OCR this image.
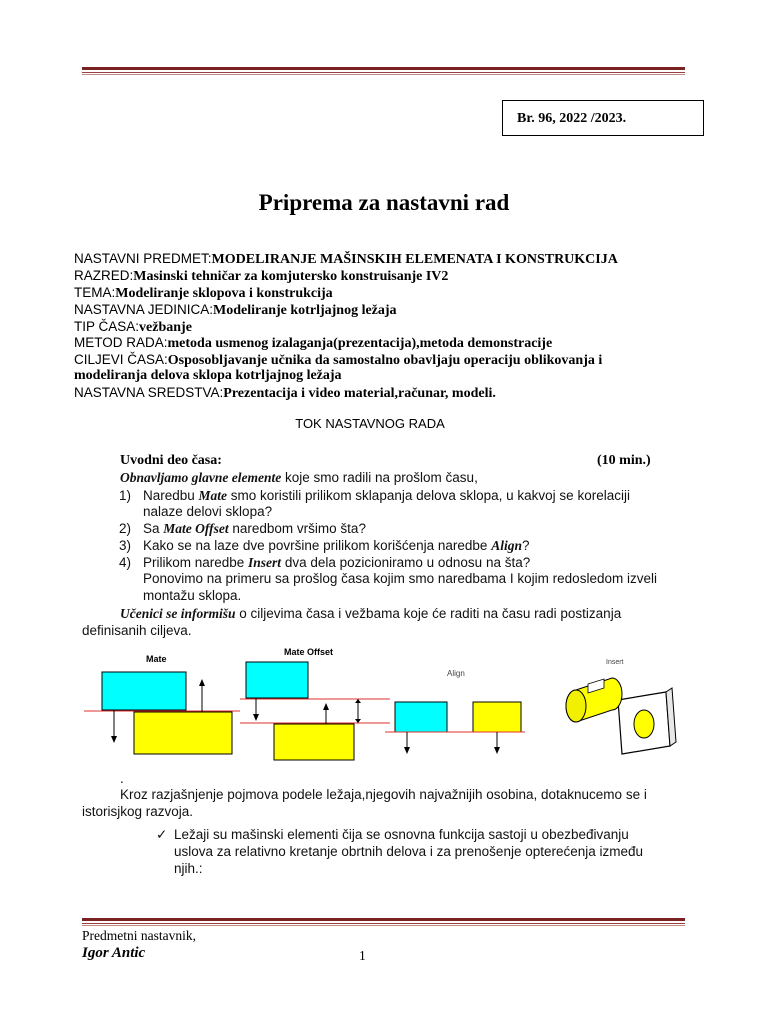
Br. 96, 2022 /2023.
Priprema za nastavni rad
NASTAVNI PREDMET:MODELIRANJE MAŠINSKIH ELEMENATA I KONSTRUKCIJA
RAZRED:Masinski tehničar za komjutersko konstruisanje IV2
TEMA:Modeliranje sklopova i konstrukcija
NASTAVNA JEDINICA:Modeliranje kotrljajnog ležaja
TIP ČASA:vežbanje
METOD RADA:metoda usmenog izalaganja(prezentacija),metoda demonstracije
CILJEVI ČASA:Osposobljavanje učnika da samostalno obavljaju operaciju oblikovanja i
modeliranja delova sklopa kotrljajnog ležaja
NASTAVNA SREDSTVA:Prezentacija i video material,računar, modeli.
TOK NASTAVNOG RADA
Uvodni deo časa:	(10 min.)
Obnavljamo glavne elemente koje smo radili na prošlom času,
1) Naredbu Mate smo koristili prilikom sklapanja delova sklopa, u kakvoj se korelaciji
nalaze delovi sklopa?
2) Sa Mate Offset naredbom vršimo šta?
3) Kako se na laze dve površine prilikom korišćenja naredbe Align?
4) Prilikom naredbe Insert dva dela pozicioniramo u odnosu na šta?
Ponovimo na primeru sa prošlog časa kojim smo naredbama I kojim redosledom izveli
montažu sklopa.
Učenici se informišu o ciljevima časa i vežbama koje će raditi na času radi postizanja
definisanih ciljeva.
Mate
Mate Offset
Align
Insert
.
Kroz razjašnjenje pojmova podele ležaja,njegovih najvažnijih osobina, dotaknucemo se i
istorisjkog razvoja.
✓ Ležaji su mašinski elementi čija se osnovna funkcija sastoji u obezbeđivanju
uslova za relativno kretanje obrtnih delova i za prenošenje opterećenja između
njih.:
Predmetni nastavnik,
Igor Antic	1
